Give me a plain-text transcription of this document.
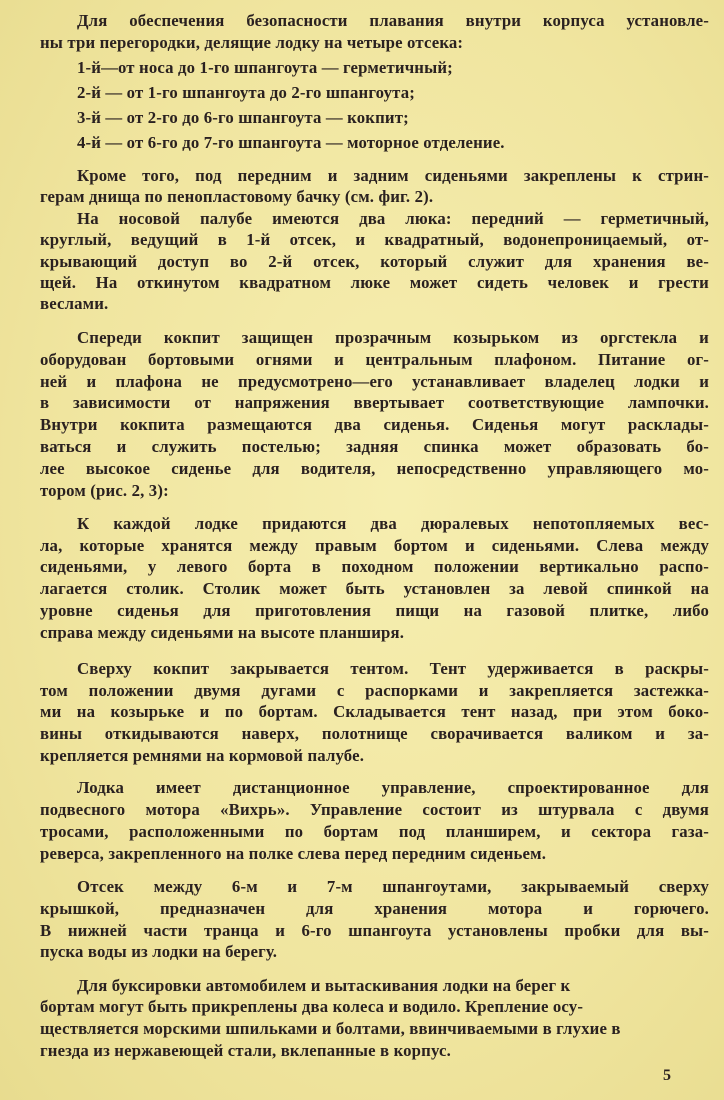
Для обеспечения безопасности плавания внутри корпуса установле-
ны три перегородки, делящие лодку на четыре отсека:
1-й—от носа до 1-го шпангоута — герметичный;
2-й — от 1-го шпангоута до 2-го шпангоута;
3-й — от 2-го до 6-го шпангоута — кокпит;
4-й — от 6-го до 7-го шпангоута — моторное отделение.
Кроме того, под передним и задним сиденьями закреплены к стрин-
герам днища по пенопластовому бачку (см. фиг. 2).
На носовой палубе имеются два люка: передний — герметичный,
круглый, ведущий в 1-й отсек, и квадратный, водонепроницаемый, от-
крывающий доступ во 2-й отсек, который служит для хранения ве-
щей. На откинутом квадратном люке может сидеть человек и грести
веслами.
Спереди кокпит защищен прозрачным козырьком из оргстекла и
оборудован бортовыми огнями и центральным плафоном. Питание ог-
ней и плафона не предусмотрено—его устанавливает владелец лодки и
в зависимости от напряжения ввертывает соответствующие лампочки.
Внутри кокпита размещаются два сиденья. Сиденья могут расклады-
ваться и служить постелью; задняя спинка может образовать бо-
лее высокое сиденье для водителя, непосредственно управляющего мо-
тором (рис. 2, 3):
К каждой лодке придаются два дюралевых непотопляемых вес-
ла, которые хранятся между правым бортом и сиденьями. Слева между
сиденьями, у левого борта в походном положении вертикально распо-
лагается столик. Столик может быть установлен за левой спинкой на
уровне сиденья для приготовления пищи на газовой плитке, либо
справа между сиденьями на высоте планширя.
Сверху кокпит закрывается тентом. Тент удерживается в раскры-
том положении двумя дугами с распорками и закрепляется застежка-
ми на козырьке и по бортам. Складывается тент назад, при этом боко-
вины откидываются наверх, полотнище сворачивается валиком и за-
крепляется ремнями на кормовой палубе.
Лодка имеет дистанционное управление, спроектированное для
подвесного мотора «Вихрь». Управление состоит из штурвала с двумя
тросами, расположенными по бортам под планширем, и сектора газа-
реверса, закрепленного на полке слева перед передним сиденьем.
Отсек между 6-м и 7-м шпангоутами, закрываемый сверху
крышкой, предназначен для хранения мотора и горючего.
В нижней части транца и 6-го шпангоута установлены пробки для вы-
пуска воды из лодки на берегу.
Для буксировки автомобилем и вытаскивания лодки на берег к
бортам могут быть прикреплены два колеса и водило. Крепление осу-
ществляется морскими шпильками и болтами, ввинчиваемыми в глухие в
гнезда из нержавеющей стали, вклепанные в корпус.
5
